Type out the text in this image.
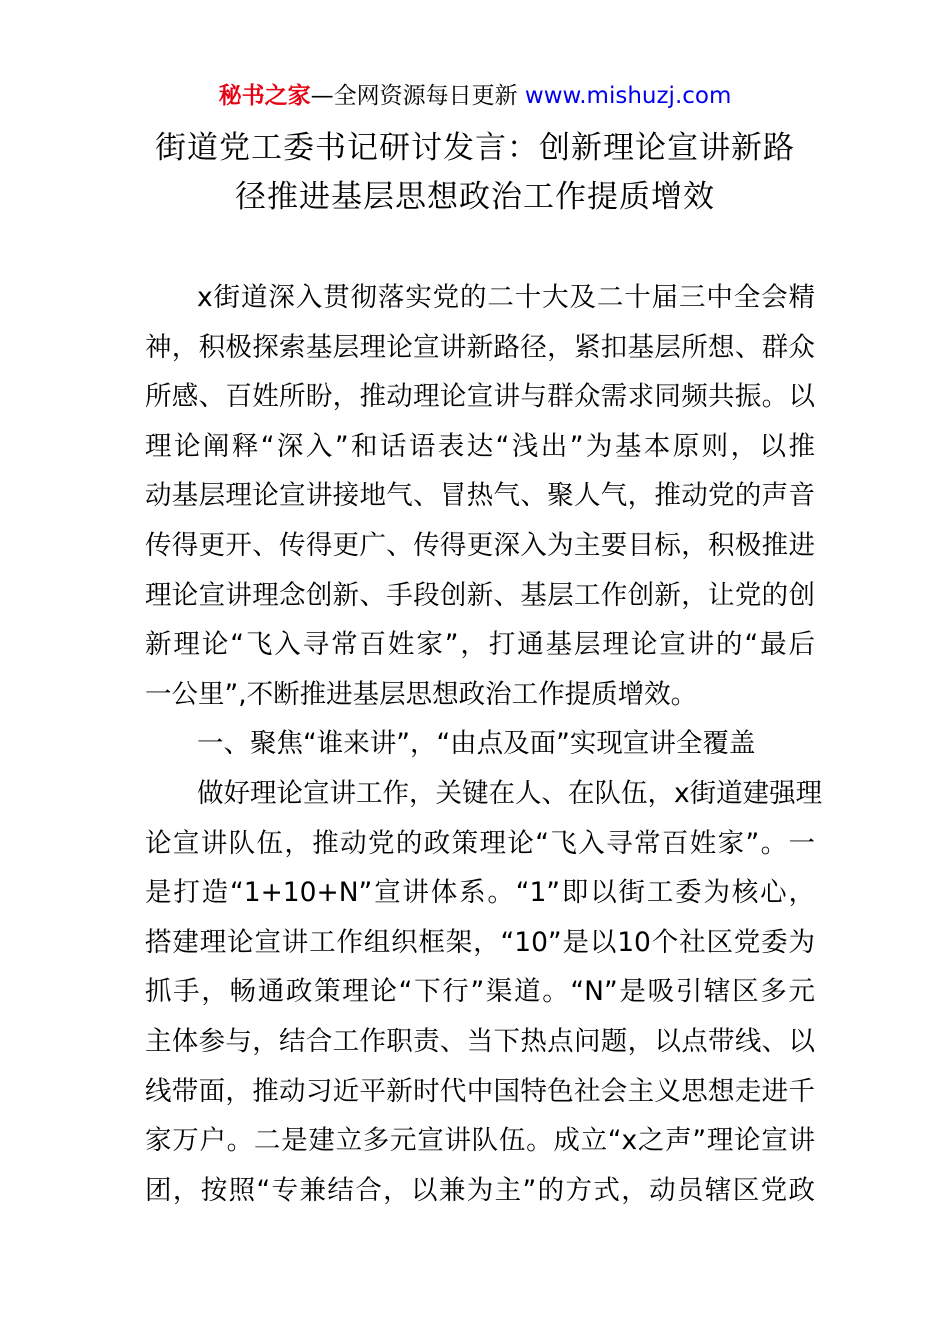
秘书之家—全网资源每日更新 www.mishuzj.com
街道党工委书记研讨发言：创新理论宣讲新路
径推进基层思想政治工作提质增效
x街道深入贯彻落实党的二十大及二十届三中全会精
神，积极探索基层理论宣讲新路径，紧扣基层所想、群众
所感、百姓所盼，推动理论宣讲与群众需求同频共振。以
理论阐释“深入”和话语表达“浅出”为基本原则，以推
动基层理论宣讲接地气、冒热气、聚人气，推动党的声音
传得更开、传得更广、传得更深入为主要目标，积极推进
理论宣讲理念创新、手段创新、基层工作创新，让党的创
新理论“飞入寻常百姓家”，打通基层理论宣讲的“最后
一公里”,不断推进基层思想政治工作提质增效。
一、聚焦“谁来讲”，“由点及面”实现宣讲全覆盖
做好理论宣讲工作，关键在人、在队伍，x街道建强理
论宣讲队伍，推动党的政策理论“飞入寻常百姓家”。一
是打造“1+10+N”宣讲体系。“1”即以街工委为核心，
搭建理论宣讲工作组织框架，“10”是以10个社区党委为
抓手，畅通政策理论“下行”渠道。“N”是吸引辖区多元
主体参与，结合工作职责、当下热点问题，以点带线、以
线带面，推动习近平新时代中国特色社会主义思想走进千
家万户。二是建立多元宣讲队伍。成立“x之声”理论宣讲
团，按照“专兼结合，以兼为主”的方式，动员辖区党政
